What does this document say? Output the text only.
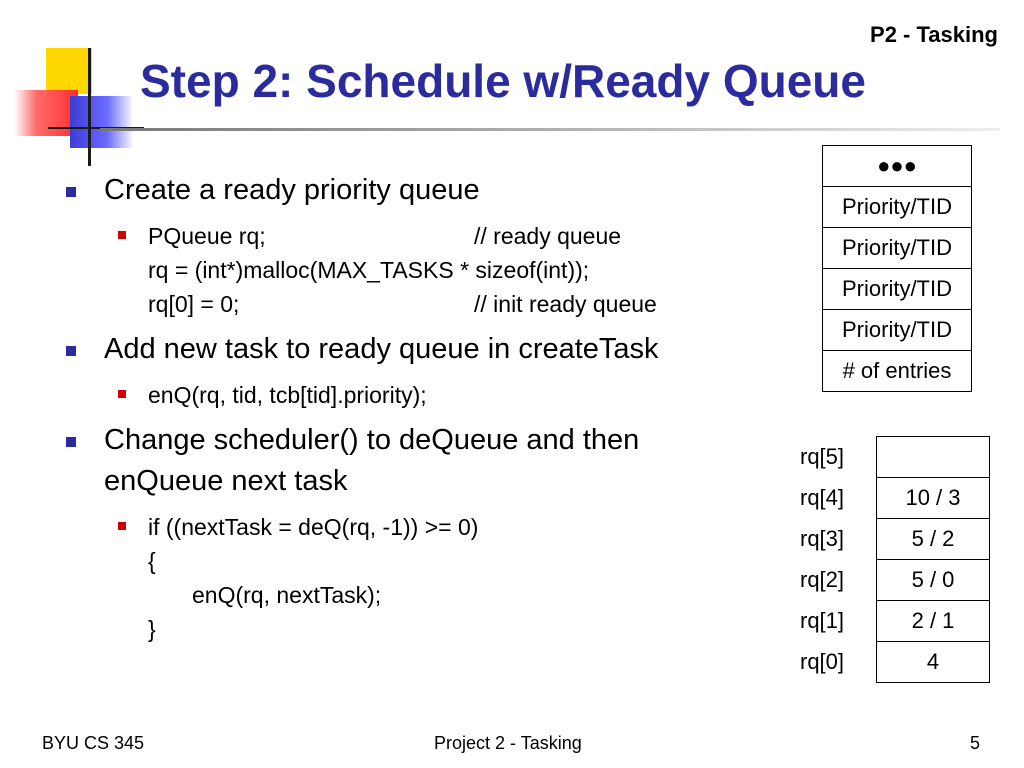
P2 - Tasking
Step 2: Schedule w/Ready Queue
Create a ready priority queue
PQueue rq;	// ready queue
rq = (int*)malloc(MAX_TASKS * sizeof(int));
rq[0] = 0;	// init ready queue
Add new task to ready queue in createTask
enQ(rq, tid, tcb[tid].priority);
Change scheduler() to deQueue and then
enQueue next task
if ((nextTask = deQ(rq, -1)) >= 0)
{
enQ(rq, nextTask);
}
●●●
Priority/TID
Priority/TID
Priority/TID
Priority/TID
# of entries
rq[5]	
rq[4]	10 / 3
rq[3]	5 / 2
rq[2]	5 / 0
rq[1]	2 / 1
rq[0]	4
BYU CS 345	Project 2 - Tasking	5
